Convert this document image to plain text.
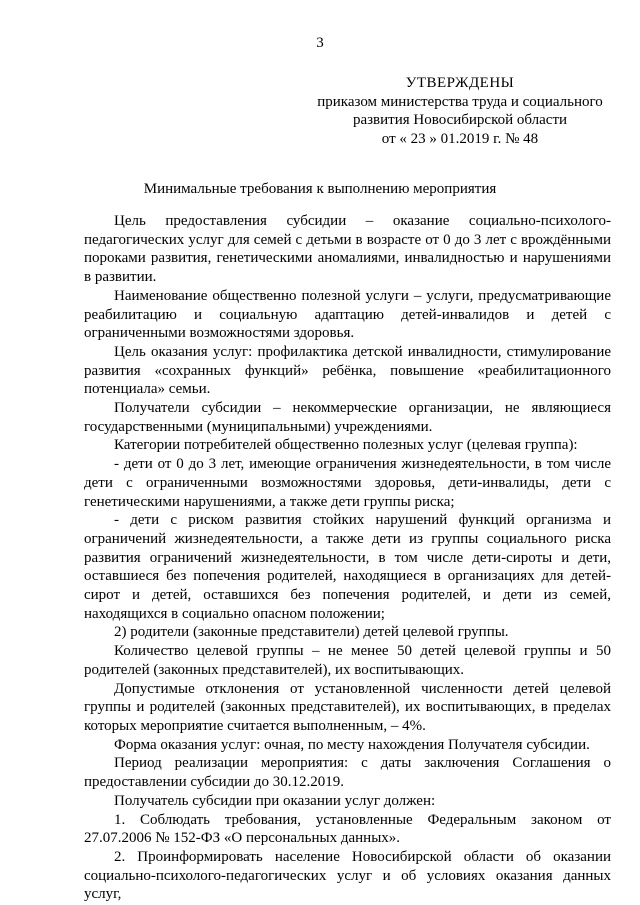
3
УТВЕРЖДЕНЫ
приказом министерства труда и социального
развития Новосибирской области
от « 23 » 01.2019 г. № 48
Минимальные требования к выполнению мероприятия

Цель предоставления субсидии – оказание социально-психолого-педагогических услуг для семей с детьми в возрасте от 0 до 3 лет с врождёнными пороками развития, генетическими аномалиями, инвалидностью и нарушениями в развитии.

Наименование общественно полезной услуги – услуги, предусматривающие реабилитацию и социальную адаптацию детей-инвалидов и детей с ограниченными возможностями здоровья.

Цель оказания услуг: профилактика детской инвалидности, стимулирование развития «сохранных функций» ребёнка, повышение «реабилитационного потенциала» семьи.

Получатели субсидии – некоммерческие организации, не являющиеся государственными (муниципальными) учреждениями.

Категории потребителей общественно полезных услуг (целевая группа):

- дети от 0 до 3 лет, имеющие ограничения жизнедеятельности, в том числе дети с ограниченными возможностями здоровья, дети-инвалиды, дети с генетическими нарушениями, а также дети группы риска;

- дети с риском развития стойких нарушений функций организма и ограничений жизнедеятельности, а также дети из группы социального риска развития ограничений жизнедеятельности, в том числе дети-сироты и дети, оставшиеся без попечения родителей, находящиеся в организациях для детей-сирот и детей, оставшихся без попечения родителей, и дети из семей, находящихся в социально опасном положении;

2) родители (законные представители) детей целевой группы.

Количество целевой группы – не менее 50 детей целевой группы и 50 родителей (законных представителей), их воспитывающих.

Допустимые отклонения от установленной численности детей целевой группы и родителей (законных представителей), их воспитывающих, в пределах которых мероприятие считается выполненным, – 4%.

Форма оказания услуг: очная, по месту нахождения Получателя субсидии.

Период реализации мероприятия: с даты заключения Соглашения о предоставлении субсидии до 30.12.2019.

Получатель субсидии при оказании услуг должен:

1. Соблюдать требования, установленные Федеральным законом от 27.07.2006 № 152-ФЗ «О персональных данных».

2. Проинформировать население Новосибирской области об оказании социально-психолого-педагогических услуг и об условиях оказания данных услуг,
